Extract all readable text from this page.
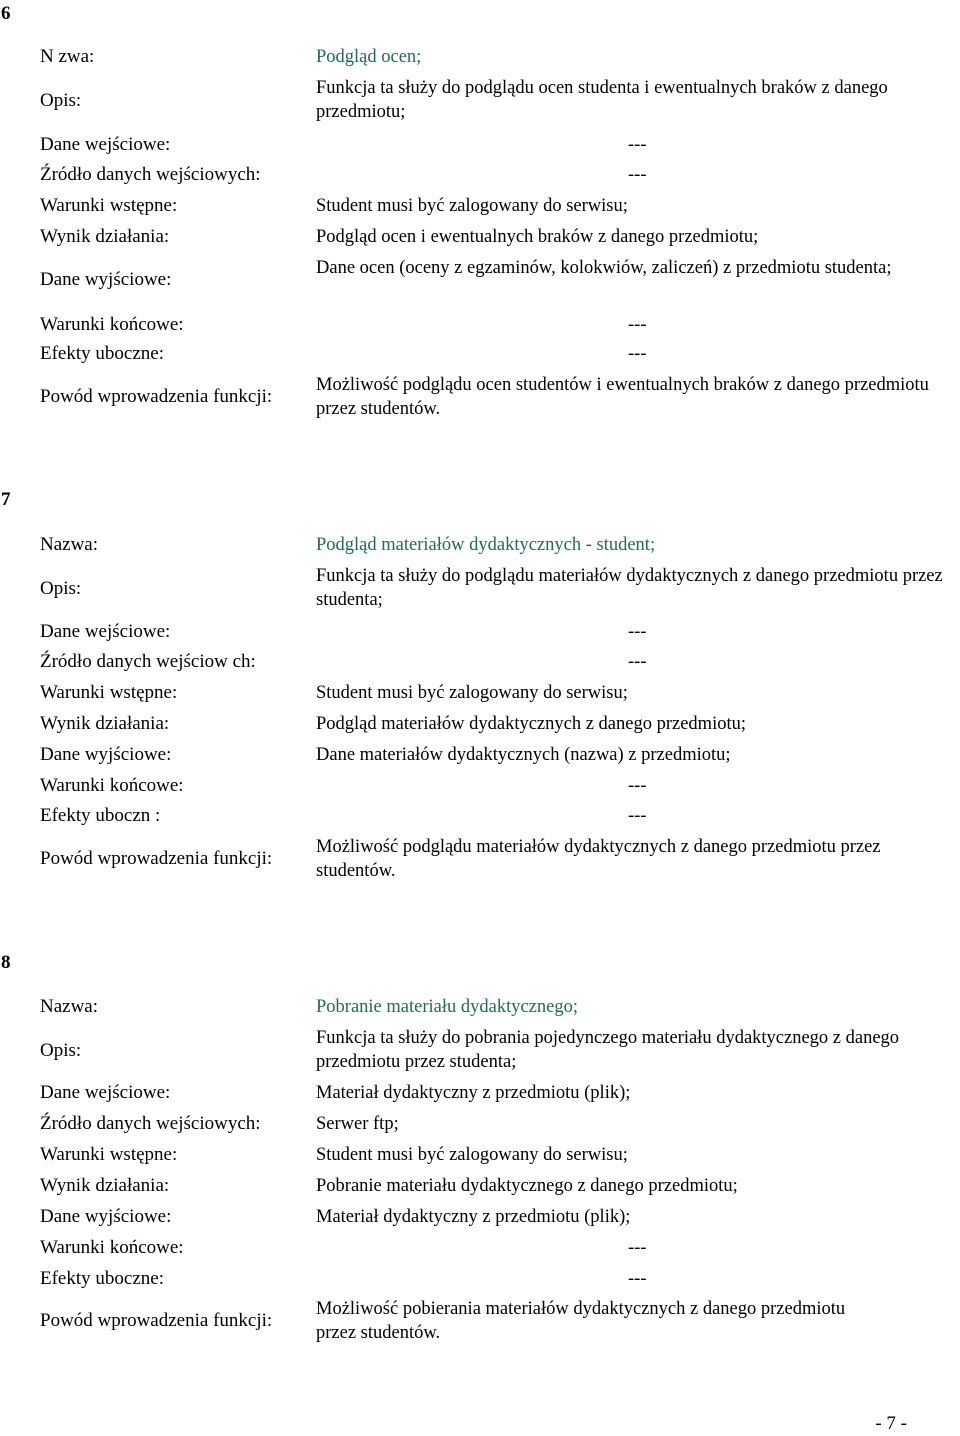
6
N zwa:	Podgląd ocen;
Opis:
Funkcja ta służy do podglądu ocen studenta i ewentualnych braków z danego przedmiotu;
Dane wejściowe:	---
Źródło danych wejściowych:	---
Warunki wstępne:	Student musi być zalogowany do serwisu;
Wynik działania:	Podgląd ocen i ewentualnych braków z danego przedmiotu;
Dane wyjściowe:
Dane ocen (oceny z egzaminów, kolokwiów, zaliczeń) z przedmiotu studenta;
Warunki końcowe:	---
Efekty uboczne:	---
Powód wprowadzenia funkcji:
Możliwość podglądu ocen studentów i ewentualnych braków z danego przedmiotu przez studentów.
7
Nazwa:	Podgląd materiałów dydaktycznych - student;
Opis:
Funkcja ta służy do podglądu materiałów dydaktycznych z danego przedmiotu przez studenta;
Dane wejściowe:	---
Źródło danych wejściow ch:	---
Warunki wstępne:	Student musi być zalogowany do serwisu;
Wynik działania:	Podgląd materiałów dydaktycznych z danego przedmiotu;
Dane wyjściowe:	Dane materiałów dydaktycznych (nazwa) z przedmiotu;
Warunki końcowe:	---
Efekty uboczn :	---
Powód wprowadzenia funkcji:
Możliwość podglądu materiałów dydaktycznych z danego przedmiotu przez studentów.
8
Nazwa:	Pobranie materiału dydaktycznego;
Opis:
Funkcja ta służy do pobrania pojedynczego materiału dydaktycznego z danego przedmiotu przez studenta;
Dane wejściowe:	Materiał dydaktyczny z przedmiotu (plik);
Źródło danych wejściowych:	Serwer ftp;
Warunki wstępne:	Student musi być zalogowany do serwisu;
Wynik działania:	Pobranie materiału dydaktycznego z danego przedmiotu;
Dane wyjściowe:	Materiał dydaktyczny z przedmiotu (plik);
Warunki końcowe:	---
Efekty uboczne:	---
Powód wprowadzenia funkcji:
Możliwość pobierania materiałów dydaktycznych z danego przedmiotu przez studentów.
- 7 -
